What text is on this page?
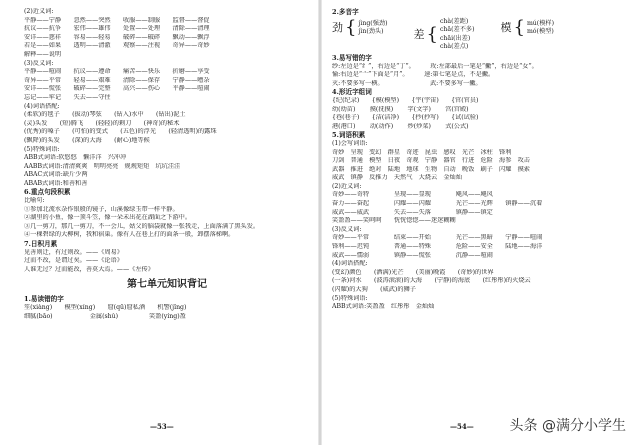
(2)近义词:
平静——宁静　　忽然——突然　　收服——制服　　监督——督促
抗议——抗争　　宏伟——雄伟　　处置——处理　　清除——清理
安详——慈祥　　容易——轻易　　破碎——破碎　　飘动——飘浮
若是——如果　　透明——清澈　　观察——注视　　奇异——奇妙
解释——说明
(3)反义词:
平静——喧闹　　抗议——遵命　　痛苦——快乐　　折磨——享受
奇异——平常　　轻易——艰难　　清除——保存　　宁静——嘈杂
安详——慌张　　破碎——完整　　高兴——伤心　　平静——喧闹
忘记——牢记　　失去——守住
(4)词语搭配:
(柔软)的毯子　　(拔动)琴弦　　(钻入)水中　　(钻出)泥土
(灵)头发　　(短)腾飞　　(轻轻)的剩刀　　(神奇)的秘术
(优秀)的嗓子　　(可怕)的变式　　(五色)的浮光　　(轻清透明)的露珠
(飘降)的头发　　(深)的大海　　(耐心)地等候
(5)特殊词语:
ABB式词语:软悠悠　懒洋洋　兴冲冲
AABB式词语:清清爽爽　明明亮亮　规规矩矩　坑坑洼洼
ABAC式词语:缺斤少两
ABAB式词语:和善和善
6.重点句段积累
比喻句:
①参加北流水杂作银般的镜子，山溪像绿玉带一样平静。
②湖里的小鱼，像一顶斗笠，像一朵未出花在湖面之下游中。
③几一剪刀，那几一剪刀，不一会儿，姑父的脑袋就像一张我走，上面落满了黑头发。
④一棵碧绿的大柳树，我和宿巢。像有人在巷上打的面条一般，卸摆落梯啊。
7.日积月累
见善则迁，有过则改。——《周易》
过而不改，是谓过矣。——《论语》
人谁无过？过而能改，善莫大焉。——《左传》
第七单元知识背记
1.易读错的字
笙(xiàng)　　模型(xíng)　　窟(qū)窟私酒　　机警(jǐng)
细腻(bāo)　　　　　　金属(shǔ)　　　　　笑盈(yíng)盈
—53—
2.多音字
劲 { jìng(强劲)
jìn(劲头)	差 {
chà(差距)
chā(差不多)
chāi(出差)
chà(差点)
模 { mú(模样)
mó(模型)
3.易写错的字
纱:左边是“纟”，右边是“丁”。　　　玫:左部最后一笔是“撇”，右边是“女”。
愉:右边是“亠”下面是“月”。　　　速:第七笔是点，不是撇。
灭:不要多写一横。　　　　　　　　武:不要多写一撇。
4.形近字组词
{纪(纪录)　　{模(模型)　　{宇(宇宙)　　{官(官员)
幼(幼苗)　　 摸(抚摸)　　 字(文字)　　 宫(宫殿)
{巷(巷子)　　{洁(洁净)　　{抄(抄写)　　{试(试验)
港(港口)　　 动(动作)　　 炒(炒菜)　　 式(公式)
5.词语积累
(1)会写词语:
奇妙　呈现　变幻　群星　奇迹　昆虫　感叹　光芒　冰柱　锋利
刀剑　普通　模型　日夜　奇观　宁静　器官　行进　危险　海参　攻击
武器　推进　绝对　陆地　地球　生物　自动　晚饭　刷子　闪耀　摸索
威武　镇静　反推力　天然气　大烧云　金灿灿
(2)近义词:
奇妙——奇特　　　　呈现——显现　　　　飓风——飓风
奋力——奋起　　　　闪耀——闪耀　　　　光芒——光辉　　镇静——沉着
威武——威武　　　　失去——失落　　　　镇静——镇定
笑盈盈——笑呵呵　　恍恍惚惚——迷迷糊糊
(3)反义词:
奇妙——平常　　　　结束——开始　　　　光芒——黑暗　　宁静——喧闹
锋利——迟钝　　　　普通——特殊　　　　危险——安全　　陆地——海洋
威武——懦弱　　　　镇静——慌张　　　　沉静——喧闹
(4)词语搭配:
(变幻)颜色　　(洒满)光芒　　(美丽)晚霞　　(奇妙)的世界
(一条)河水　　(波涛滚滚)的大海　　(宁静)的海底　　(红彤彤)的火烧云
(闪耀)的大狗　　(威武)的狮子
(5)特殊词语:
ABB式词语:笑盈盈　红彤彤　金灿灿
—54—	头条 @满分小学生
